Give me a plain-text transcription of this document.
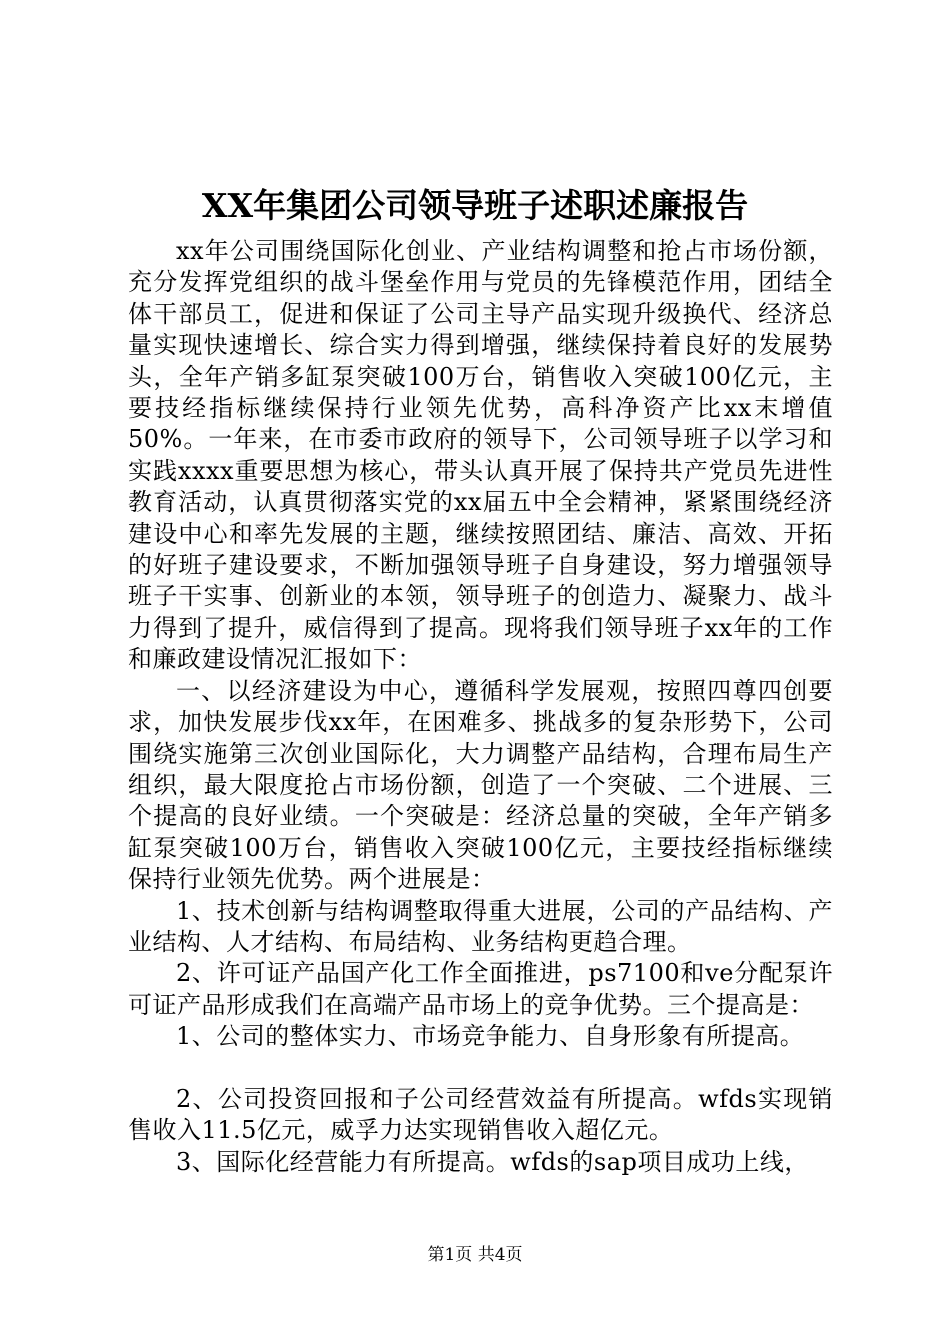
XX年集团公司领导班子述职述廉报告

xx年公司围绕国际化创业、产业结构调整和抢占市场份额，充分发挥党组织的战斗堡垒作用与党员的先锋模范作用，团结全体干部员工，促进和保证了公司主导产品实现升级换代、经济总量实现快速增长、综合实力得到增强，继续保持着良好的发展势头，全年产销多缸泵突破100万台，销售收入突破100亿元，主要技经指标继续保持行业领先优势，高科净资产比xx末增值50%。一年来，在市委市政府的领导下，公司领导班子以学习和实践xxxx重要思想为核心，带头认真开展了保持共产党员先进性教育活动，认真贯彻落实党的xx届五中全会精神，紧紧围绕经济建设中心和率先发展的主题，继续按照团结、廉洁、高效、开拓的好班子建设要求，不断加强领导班子自身建设，努力增强领导班子干实事、创新业的本领，领导班子的创造力、凝聚力、战斗力得到了提升，威信得到了提高。现将我们领导班子xx年的工作和廉政建设情况汇报如下：

一、以经济建设为中心，遵循科学发展观，按照四尊四创要求，加快发展步伐xx年，在困难多、挑战多的复杂形势下，公司围绕实施第三次创业国际化，大力调整产品结构，合理布局生产组织，最大限度抢占市场份额，创造了一个突破、二个进展、三个提高的良好业绩。一个突破是：经济总量的突破，全年产销多缸泵突破100万台，销售收入突破100亿元，主要技经指标继续保持行业领先优势。两个进展是：

1、技术创新与结构调整取得重大进展，公司的产品结构、产业结构、人才结构、布局结构、业务结构更趋合理。

2、许可证产品国产化工作全面推进，ps7100和ve分配泵许可证产品形成我们在高端产品市场上的竞争优势。三个提高是：

1、公司的整体实力、市场竞争能力、自身形象有所提高。

2、公司投资回报和子公司经营效益有所提高。wfds实现销售收入11.5亿元，威孚力达实现销售收入超亿元。

3、国际化经营能力有所提高。wfds的sap项目成功上线，

第1页 共4页
